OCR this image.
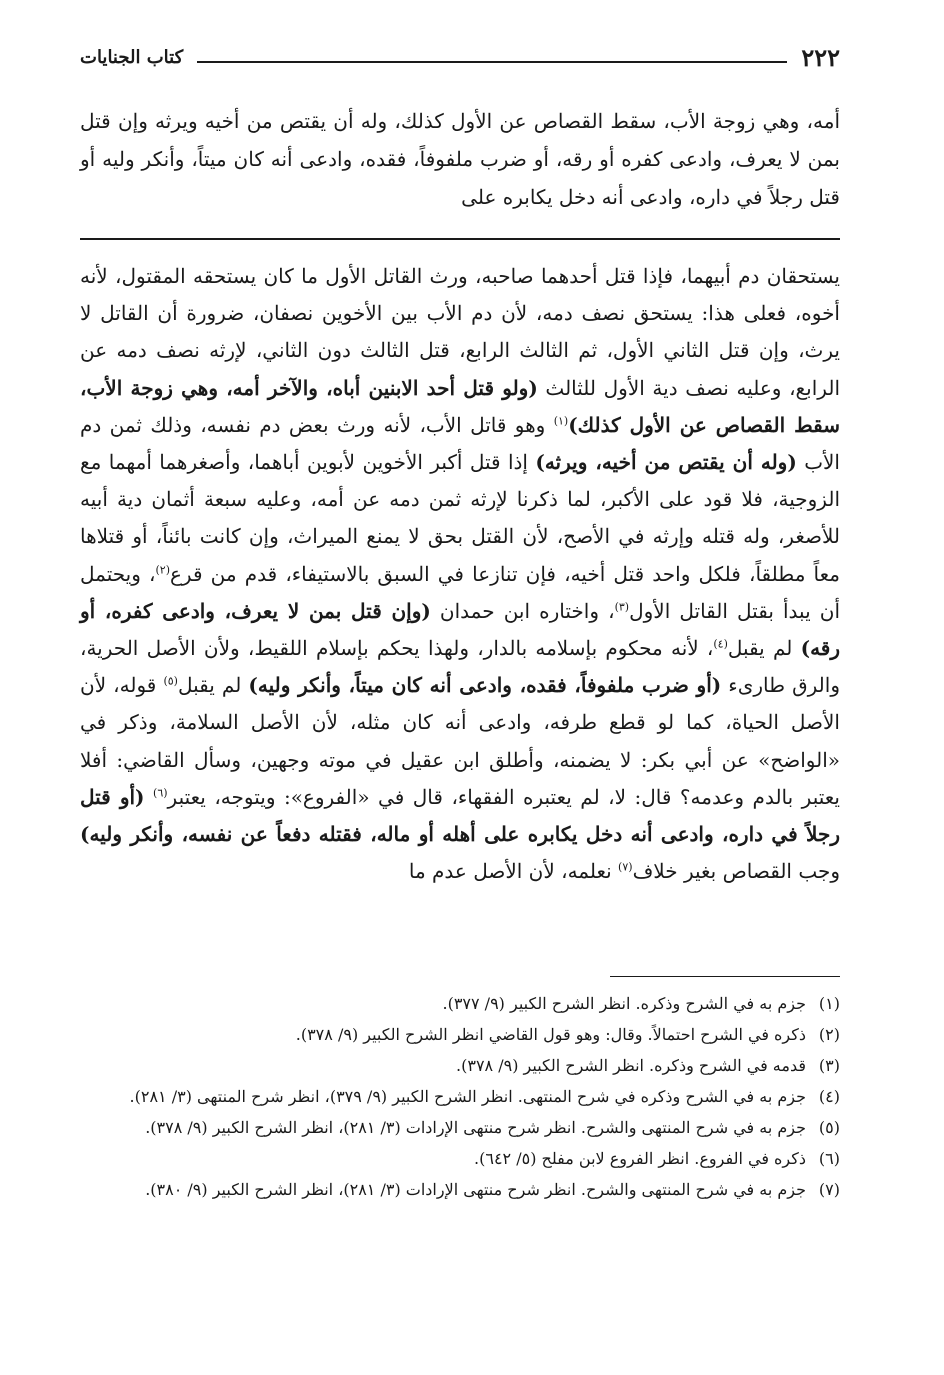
٢٢٢
كتاب الجنايات

أمه، وهي زوجة الأب، سقط القصاص عن الأول كذلك، وله أن يقتص من أخيه ويرثه وإن قتل بمن لا يعرف، وادعى كفره أو رقه، أو ضرب ملفوفاً، فقده، وادعى أنه كان ميتاً، وأنكر وليه أو قتل رجلاً في داره، وادعى أنه دخل يكابره على

يستحقان دم أبيهما، فإذا قتل أحدهما صاحبه، ورث القاتل الأول ما كان يستحقه المقتول، لأنه أخوه، فعلى هذا: يستحق نصف دمه، لأن دم الأب بين الأخوين نصفان، ضرورة أن القاتل لا يرث، وإن قتل الثاني الأول، ثم الثالث الرابع، قتل الثالث دون الثاني، لإرثه نصف دمه عن الرابع، وعليه نصف دية الأول للثالث (ولو قتل أحد الابنين أباه، والآخر أمه، وهي زوجة الأب، سقط القصاص عن الأول كذلك)$^{(١)}$ وهو قاتل الأب، لأنه ورث بعض دم نفسه، وذلك ثمن دم الأب (وله أن يقتص من أخيه، ويرثه) إذا قتل أكبر الأخوين لأبوين أباهما، وأصغرهما أمهما مع الزوجية، فلا قود على الأكبر، لما ذكرنا لإرثه ثمن دمه عن أمه، وعليه سبعة أثمان دية أبيه للأصغر، وله قتله وإرثه في الأصح، لأن القتل بحق لا يمنع الميراث، وإن كانت بائناً، أو قتلاها معاً مطلقاً، فلكل واحد قتل أخيه، فإن تنازعا في السبق بالاستيفاء، قدم من قرع$^{(٢)}$، ويحتمل أن يبدأ بقتل القاتل الأول$^{(٣)}$، واختاره ابن حمدان (وإن قتل بمن لا يعرف، وادعى كفره، أو رقه) لم يقبل$^{(٤)}$، لأنه محكوم بإسلامه بالدار، ولهذا يحكم بإسلام اللقيط، ولأن الأصل الحرية، والرق طارىء (أو ضرب ملفوفاً، فقده، وادعى أنه كان ميتاً، وأنكر وليه) لم يقبل$^{(٥)}$ قوله، لأن الأصل الحياة، كما لو قطع طرفه، وادعى أنه كان مثله، لأن الأصل السلامة، وذكر في «الواضح» عن أبي بكر: لا يضمنه، وأطلق ابن عقيل في موته وجهين، وسأل القاضي: أفلا يعتبر بالدم وعدمه؟ قال: لا، لم يعتبره الفقهاء، قال في «الفروع»: ويتوجه، يعتبر$^{(٦)}$ (أو قتل رجلاً في داره، وادعى أنه دخل يكابره على أهله أو ماله، فقتله دفعاً عن نفسه، وأنكر وليه) وجب القصاص بغير خلاف$^{(٧)}$ نعلمه، لأن الأصل عدم ما

(١)
جزم به في الشرح وذكره. انظر الشرح الكبير (٩/ ٣٧٧).
(٢)
ذكره في الشرح احتمالاً. وقال: وهو قول القاضي انظر الشرح الكبير (٩/ ٣٧٨).
(٣)
قدمه في الشرح وذكره. انظر الشرح الكبير (٩/ ٣٧٨).
(٤)
جزم به في الشرح وذكره في شرح المنتهى. انظر الشرح الكبير (٩/ ٣٧٩)، انظر شرح المنتهى (٣/ ٢٨١).
(٥)
جزم به في شرح المنتهى والشرح. انظر شرح منتهى الإرادات (٣/ ٢٨١)، انظر الشرح الكبير (٩/ ٣٧٨).
(٦)
ذكره في الفروع. انظر الفروع لابن مفلح (٥/ ٦٤٢).
(٧)
جزم به في شرح المنتهى والشرح. انظر شرح منتهى الإرادات (٣/ ٢٨١)، انظر الشرح الكبير (٩/ ٣٨٠).
